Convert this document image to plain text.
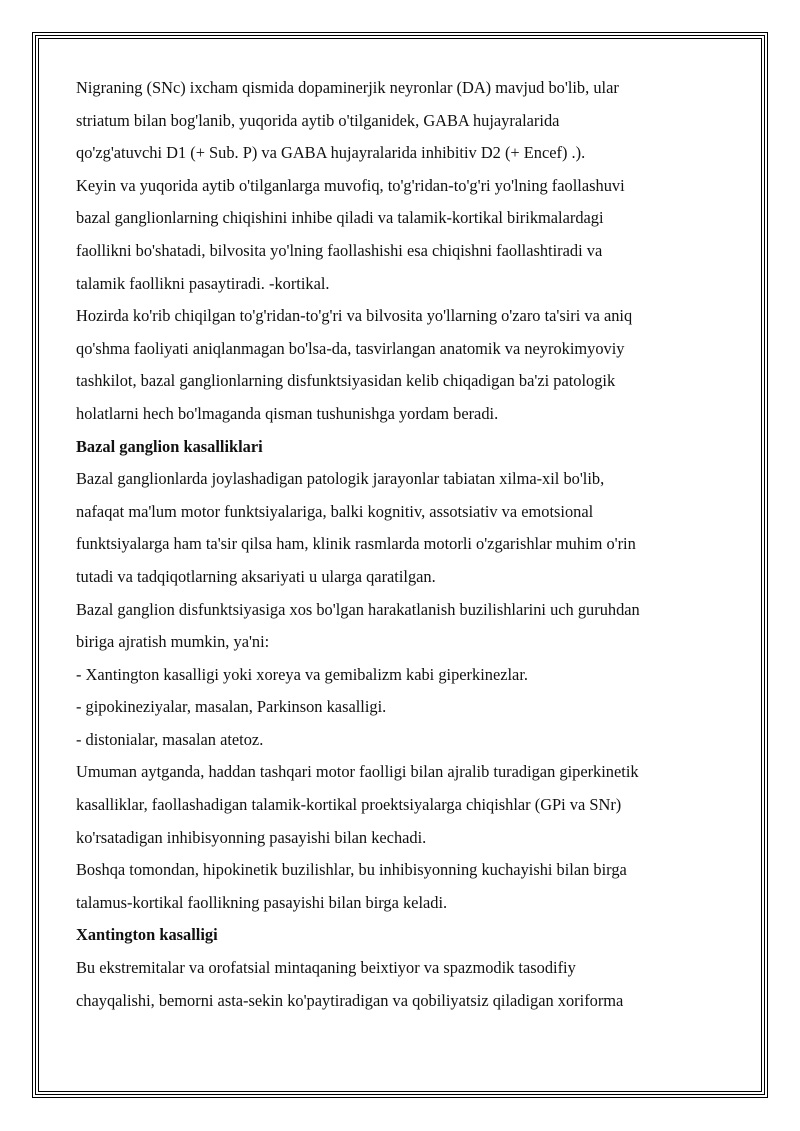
Nigraning (SNc) ixcham qismida dopaminerjik neyronlar (DA) mavjud bo'lib, ular

striatum bilan bog'lanib, yuqorida aytib o'tilganidek, GABA hujayralarida

qo'zg'atuvchi D1 (+ Sub. P) va GABA hujayralarida inhibitiv D2 (+ Encef) .).

Keyin va yuqorida aytib o'tilganlarga muvofiq, to'g'ridan-to'g'ri yo'lning faollashuvi

bazal ganglionlarning chiqishini inhibe qiladi va talamik-kortikal birikmalardagi

faollikni bo'shatadi, bilvosita yo'lning faollashishi esa chiqishni faollashtiradi va

talamik faollikni pasaytiradi. -kortikal.

Hozirda ko'rib chiqilgan to'g'ridan-to'g'ri va bilvosita yo'llarning o'zaro ta'siri va aniq

qo'shma faoliyati aniqlanmagan bo'lsa-da, tasvirlangan anatomik va neyrokimyoviy

tashkilot, bazal ganglionlarning disfunktsiyasidan kelib chiqadigan ba'zi patologik

holatlarni hech bo'lmaganda qisman tushunishga yordam beradi.

Bazal ganglion kasalliklari

Bazal ganglionlarda joylashadigan patologik jarayonlar tabiatan xilma-xil bo'lib,

nafaqat ma'lum motor funktsiyalariga, balki kognitiv, assotsiativ va emotsional

funktsiyalarga ham ta'sir qilsa ham, klinik rasmlarda motorli o'zgarishlar muhim o'rin

tutadi va tadqiqotlarning aksariyati u ularga qaratilgan.

Bazal ganglion disfunktsiyasiga xos bo'lgan harakatlanish buzilishlarini uch guruhdan

biriga ajratish mumkin, ya'ni:

- Xantington kasalligi yoki xoreya va gemibalizm kabi giperkinezlar.

- gipokineziyalar, masalan, Parkinson kasalligi.

- distonialar, masalan atetoz.

Umuman aytganda, haddan tashqari motor faolligi bilan ajralib turadigan giperkinetik

kasalliklar, faollashadigan talamik-kortikal proektsiyalarga chiqishlar (GPi va SNr)

ko'rsatadigan inhibisyonning pasayishi bilan kechadi.

Boshqa tomondan, hipokinetik buzilishlar, bu inhibisyonning kuchayishi bilan birga

talamus-kortikal faollikning pasayishi bilan birga keladi.

Xantington kasalligi

Bu ekstremitalar va orofatsial mintaqaning beixtiyor va spazmodik tasodifiy

chayqalishi, bemorni asta-sekin ko'paytiradigan va qobiliyatsiz qiladigan xoriforma
